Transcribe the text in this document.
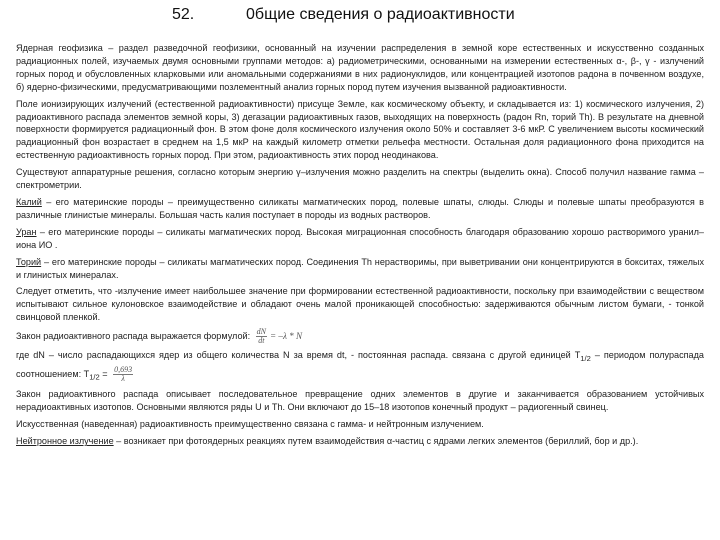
52.	0бщие сведения о радиоактивности

Ядерная геофизика – раздел разведочной геофизики, основанный на изучении распределения в земной коре естественных и искусственно созданных радиационных полей, изучаемых двумя основными группами методов: а) радиометрическими, основанными на измерении естественных α-, β-, γ - излучений горных пород и обусловленных кларковыми или аномальными содержаниями в них радионуклидов, или концентрацией изотопов радона в почвенном воздухе, б) ядерно-физическими, предусматривающими позлементный анализ горных пород путем изучения вызванной радиоактивности.

Поле ионизирующих излучений (естественной радиоактивности) присуще Земле, как космическому объекту, и складывается из: 1) космического излучения, 2) радиоактивного распада элементов земной коры, 3) дегазации радиоактивных газов, выходящих на поверхность (радон Rn, торий Th). В результате на дневной поверхности формируется радиационный фон. В этом фоне доля космического излучения около 50% и составляет 3-6 мкР. С увеличением высоты космический радиационный фон возрастает в среднем на 1,5 мкР на каждый километр отметки рельефа местности. Остальная доля радиационного фона приходится на естественную радиоактивность горных пород. При этом, радиоактивность этих пород неодинакова.

Существуют аппаратурные решения, согласно которым энергию γ–излучения можно разделить на спектры (выделить окна). Способ получил название гамма – спектрометрии.

Калий – его материнские породы – преимущественно силикаты магматических пород, полевые шпаты, слюды. Слюды и полевые шпаты преобразуются в различные глинистые минералы. Большая часть калия поступает в породы из водных растворов.

Уран – его материнские породы – силикаты магматических пород. Высокая миграционная способность благодаря образованию хорошо растворимого уранил–иона ИО .

Торий – его материнские породы – силикаты магматических пород. Соединения Th нерастворимы, при выветривании они концентрируются в бокситах, тяжелых и глинистых минералах.

Следует отметить, что -излучение имеет наибольшее значение при формировании естественной радиоактивности, поскольку при взаимодействии с веществом испытывают сильное кулоновское взаимодействие и обладают очень малой проникающей способностью: задерживаются обычным листом бумаги, - тонкой свинцовой пленкой.

Закон радиоактивного распада выражается формулой: $\frac{dN}{dt} = -\lambda * N$

где dN – число распадающихся ядер из общего количества N за время dt, - постоянная распада. связана с другой единицей $T_{1/2}$ – периодом полураспада соотношением: $T_{1/2} = \frac{0,693}{\lambda}$

Закон радиоактивного распада описывает последовательное превращение одних элементов в другие и заканчивается образованием устойчивых нерадиоактивных изотопов. Основными являются ряды U и Th. Они включают до 15–18 изотопов конечный продукт – радиогенный свинец.

Искусственная (наведенная) радиоактивность преимущественно связана с гамма- и нейтронным излучением.

Нейтронное излучение – возникает при фотоядерных реакциях путем взаимодействия α-частиц с ядрами легких элементов (бериллий, бор и др.).
